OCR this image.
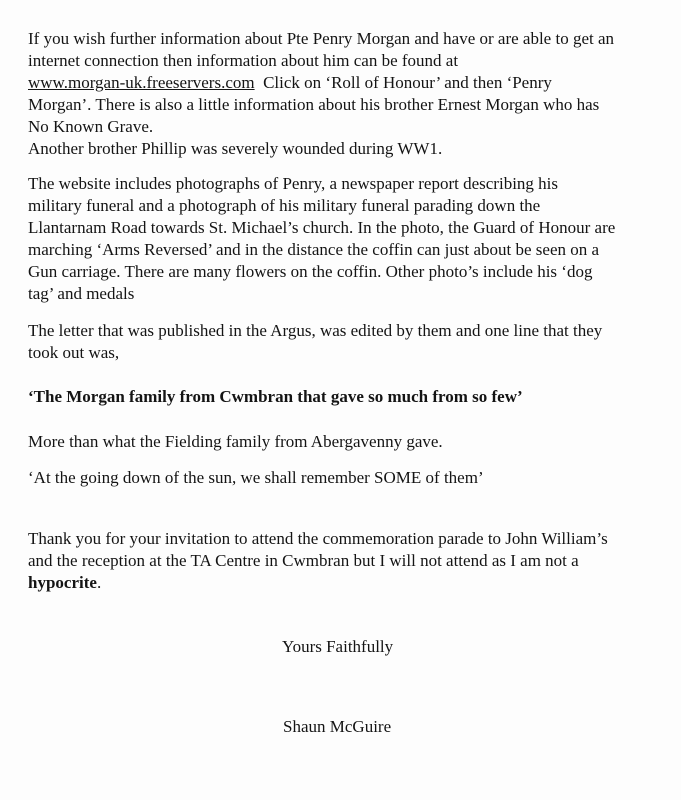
If you wish further information about Pte Penry Morgan and have or are able to get an
internet connection then information about him can be found at
www.morgan-uk.freeservers.com  Click on ‘Roll of Honour’ and then ‘Penry
Morgan’. There is also a little information about his brother Ernest Morgan who has
No Known Grave.
Another brother Phillip was severely wounded during WW1.

The website includes photographs of Penry, a newspaper report describing his
military funeral and a photograph of his military funeral parading down the
Llantarnam Road towards St. Michael’s church. In the photo, the Guard of Honour are
marching ‘Arms Reversed’ and in the distance the coffin can just about be seen on a
Gun carriage. There are many flowers on the coffin. Other photo’s include his ‘dog
tag’ and medals

The letter that was published in the Argus, was edited by them and one line that they
took out was,

‘The Morgan family from Cwmbran that gave so much from so few’

More than what the Fielding family from Abergavenny gave.

‘At the going down of the sun, we shall remember SOME of them’

Thank you for your invitation to attend the commemoration parade to John William’s
and the reception at the TA Centre in Cwmbran but I will not attend as I am not a
hypocrite.

Yours Faithfully

Shaun McGuire
